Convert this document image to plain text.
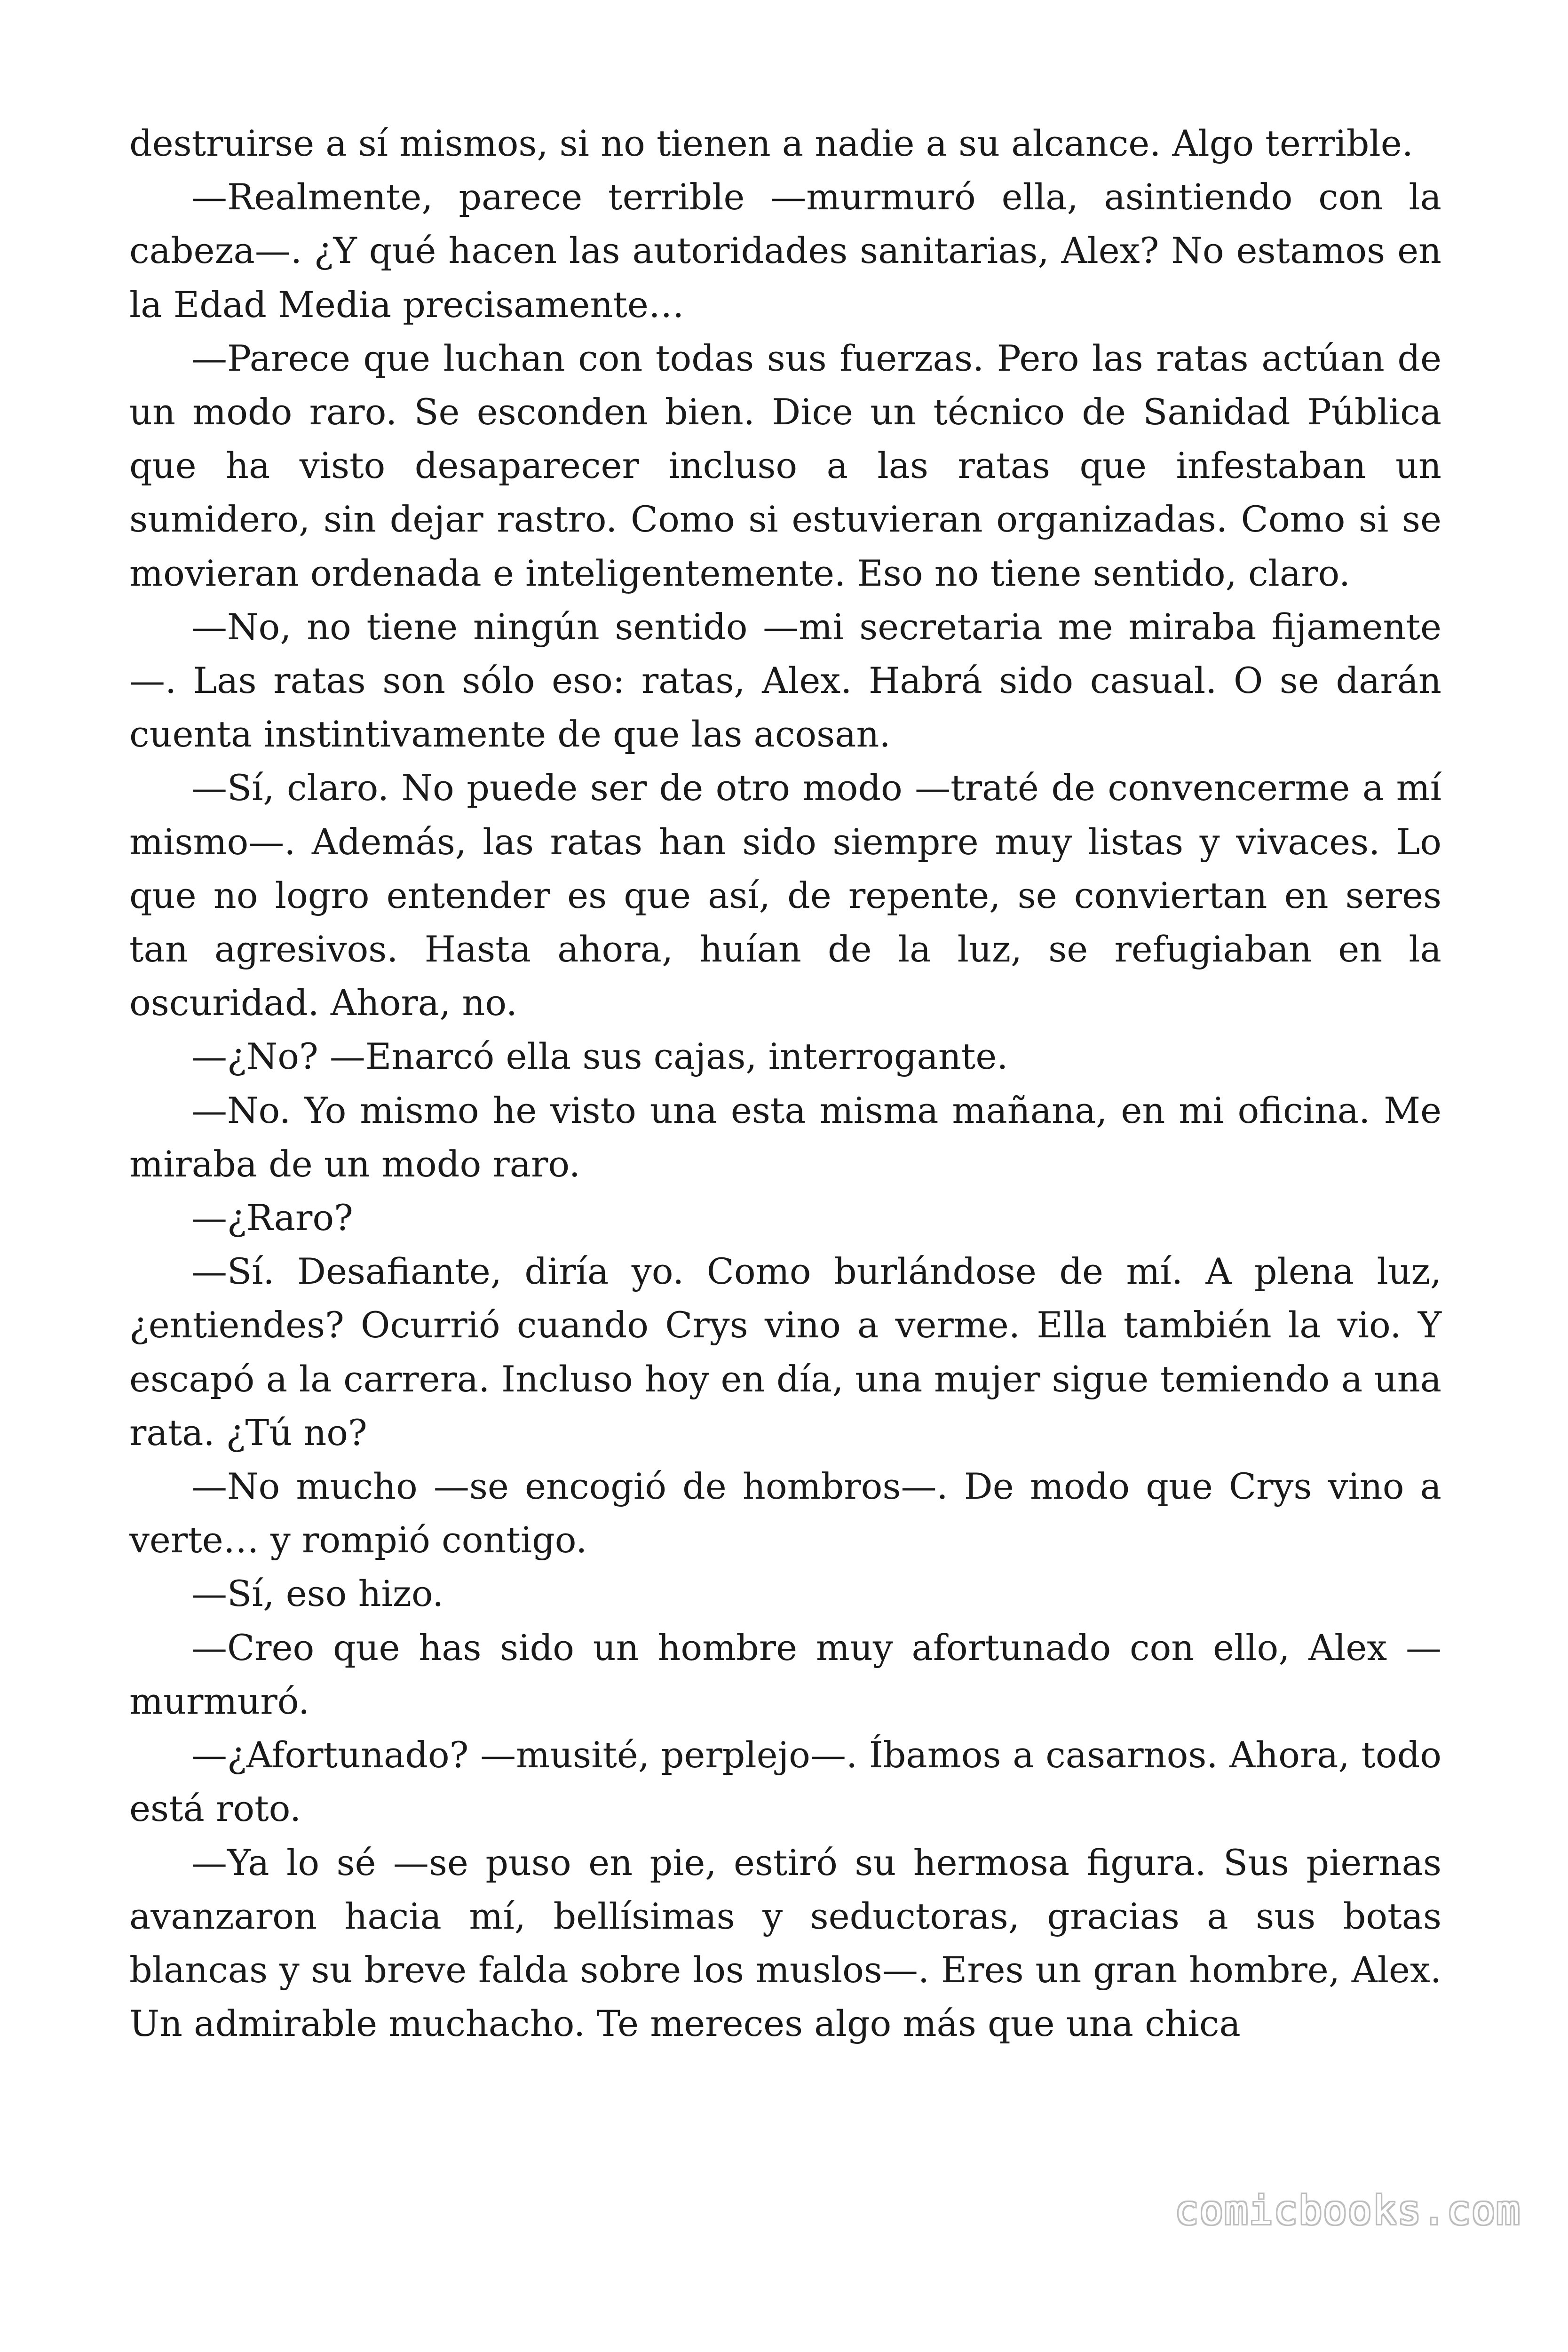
destruirse a sí mismos, si no tienen a nadie a su alcance. Algo terrible.

—Realmente, parece terrible —murmuró ella, asintiendo con la cabeza—. ¿Y qué hacen las autoridades sanitarias, Alex? No estamos en la Edad Media precisamente…

—Parece que luchan con todas sus fuerzas. Pero las ratas actúan de un modo raro. Se esconden bien. Dice un técnico de Sanidad Pública que ha visto desaparecer incluso a las ratas que infestaban un sumidero, sin dejar rastro. Como si estuvieran organizadas. Como si se movieran ordenada e inteligentemente. Eso no tiene sentido, claro.

—No, no tiene ningún sentido —mi secretaria me miraba fijamente—. Las ratas son sólo eso: ratas, Alex. Habrá sido casual. O se darán cuenta instintivamente de que las acosan.

—Sí, claro. No puede ser de otro modo —traté de convencerme a mí mismo—. Además, las ratas han sido siempre muy listas y vivaces. Lo que no logro entender es que así, de repente, se conviertan en seres tan agresivos. Hasta ahora, huían de la luz, se refugiaban en la oscuridad. Ahora, no.

—¿No? —Enarcó ella sus cajas, interrogante.

—No. Yo mismo he visto una esta misma mañana, en mi oficina. Me miraba de un modo raro.

—¿Raro?

—Sí. Desafiante, diría yo. Como burlándose de mí. A plena luz, ¿entiendes? Ocurrió cuando Crys vino a verme. Ella también la vio. Y escapó a la carrera. Incluso hoy en día, una mujer sigue temiendo a una rata. ¿Tú no?

—No mucho —se encogió de hombros—. De modo que Crys vino a verte… y rompió contigo.

—Sí, eso hizo.

—Creo que has sido un hombre muy afortunado con ello, Alex —murmuró.

—¿Afortunado? —musité, perplejo—. Íbamos a casarnos. Ahora, todo está roto.

—Ya lo sé —se puso en pie, estiró su hermosa figura. Sus piernas avanzaron hacia mí, bellísimas y seductoras, gracias a sus botas blancas y su breve falda sobre los muslos—. Eres un gran hombre, Alex. Un admirable muchacho. Te mereces algo más que una chica

comicbooks.com
